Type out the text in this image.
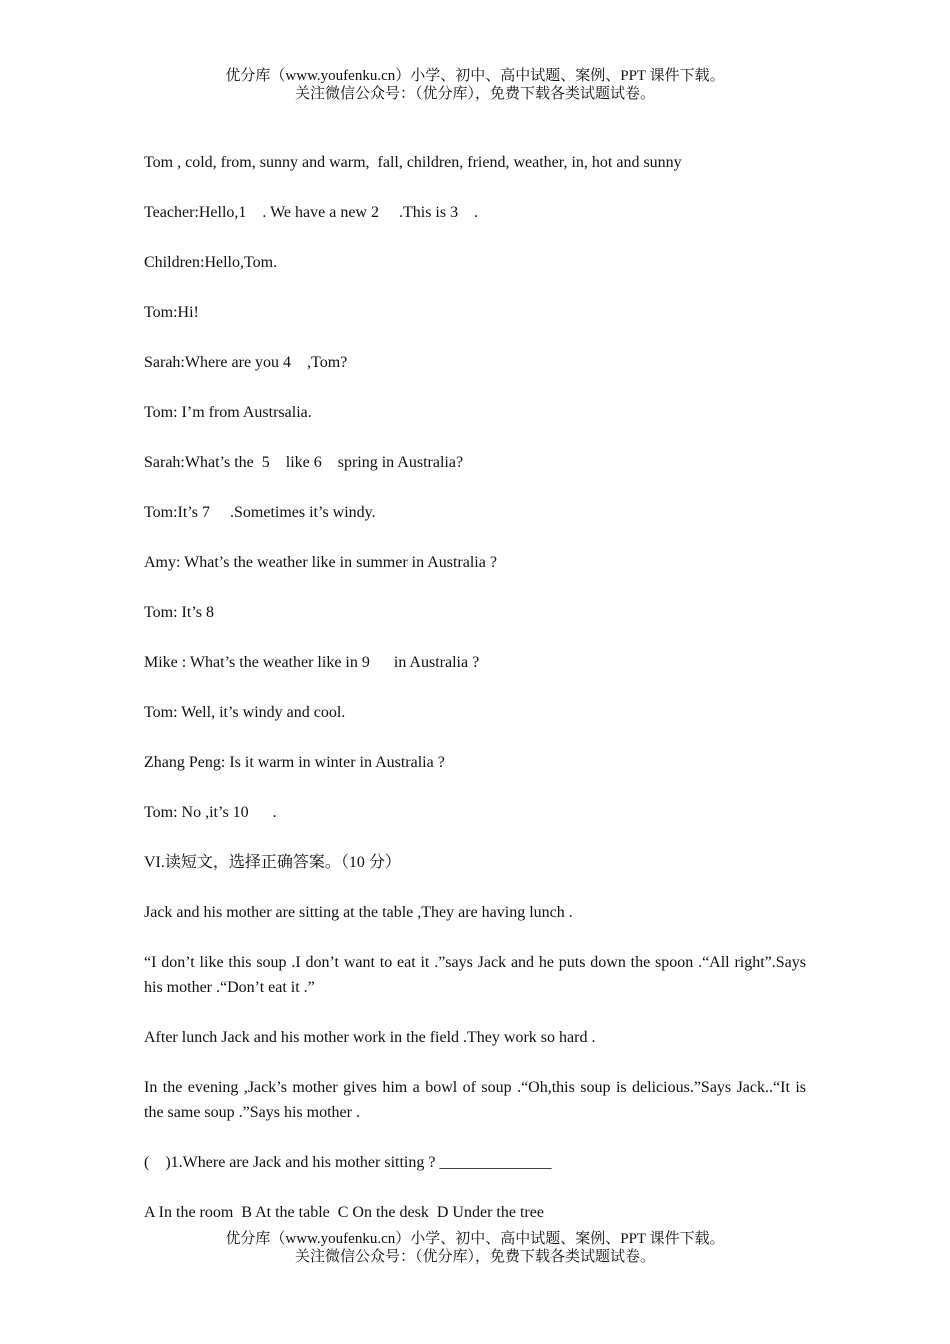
优分库（www.youfenku.cn）小学、初中、高中试题、案例、PPT 课件下载。
关注微信公众号：（优分库），免费下载各类试题试卷。
Tom , cold, from, sunny and warm,  fall, children, friend, weather, in, hot and sunny
Teacher:Hello,1    . We have a new 2     .This is 3    .
Children:Hello,Tom.
Tom:Hi!
Sarah:Where are you 4    ,Tom?
Tom: I’m from Austrsalia.
Sarah:What’s the  5    like 6    spring in Australia?
Tom:It’s 7     .Sometimes it’s windy.
Amy: What’s the weather like in summer in Australia ?
Tom: It’s 8
Mike : What’s the weather like in 9      in Australia ?
Tom: Well, it’s windy and cool.
Zhang Peng: Is it warm in winter in Australia ?
Tom: No ,it’s 10      .
VI.读短文，选择正确答案。（10 分）
Jack and his mother are sitting at the table ,They are having lunch .
“I don’t like this soup .I don’t want to eat it .”says Jack and he puts down the spoon .“All right”.Says his mother .“Don’t eat it .”
After lunch Jack and his mother work in the field .They work so hard .
In the evening ,Jack’s mother gives him a bowl of soup .“Oh,this soup is delicious.”Says Jack..“It is the same soup .”Says his mother .
(    )1.Where are Jack and his mother sitting ? ______________
A In the room  B At the table  C On the desk  D Under the tree
优分库（www.youfenku.cn）小学、初中、高中试题、案例、PPT 课件下载。
关注微信公众号：（优分库），免费下载各类试题试卷。
